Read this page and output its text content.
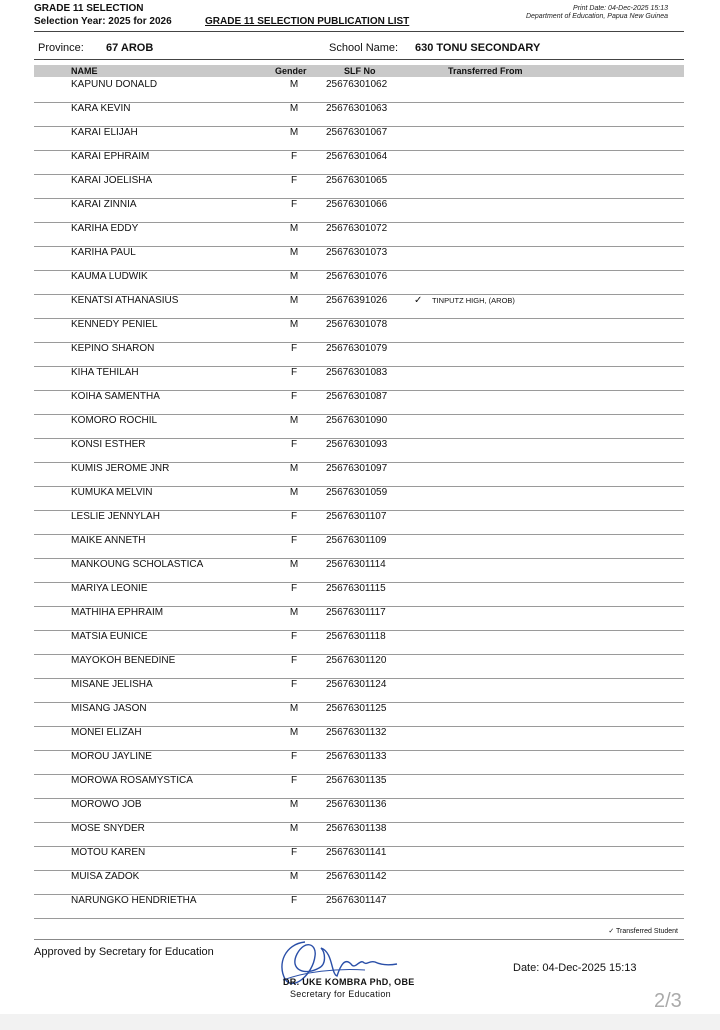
GRADE 11 SELECTION
Selection Year: 2025 for 2026	GRADE 11 SELECTION PUBLICATION LIST
Print Date: 04-Dec-2025 15:13
Department of Education, Papua New Guinea
Province: 67 AROB	School Name: 630 TONU SECONDARY
NAME	Gender	SLF No	Transferred From
KAPUNU DONALD	M	25676301062
KARA KEVIN	M	25676301063
KARAI ELIJAH	M	25676301067
KARAI EPHRAIM	F	25676301064
KARAI JOELISHA	F	25676301065
KARAI ZINNIA	F	25676301066
KARIHA EDDY	M	25676301072
KARIHA PAUL	M	25676301073
KAUMA LUDWIK	M	25676301076
KENATSI ATHANASIUS	M	25676391026	✓ TINPUTZ HIGH, (AROB)
KENNEDY PENIEL	M	25676301078
KEPINO SHARON	F	25676301079
KIHA TEHILAH	F	25676301083
KOIHA SAMENTHA	F	25676301087
KOMORO ROCHIL	M	25676301090
KONSI ESTHER	F	25676301093
KUMIS JEROME JNR	M	25676301097
KUMUKA MELVIN	M	25676301059
LESLIE JENNYLAH	F	25676301107
MAIKE ANNETH	F	25676301109
MANKOUNG SCHOLASTICA	M	25676301114
MARIYA LEONIE	F	25676301115
MATHIHA EPHRAIM	M	25676301117
MATSIA EUNICE	F	25676301118
MAYOKOH BENEDINE	F	25676301120
MISANE JELISHA	F	25676301124
MISANG JASON	M	25676301125
MONEI ELIZAH	M	25676301132
MOROU JAYLINE	F	25676301133
MOROWA ROSAMYSTICA	F	25676301135
MOROWO JOB	M	25676301136
MOSE SNYDER	M	25676301138
MOTOU KAREN	F	25676301141
MUISA ZADOK	M	25676301142
NARUNGKO HENDRIETHA	F	25676301147
✓ Transferred Student
Approved by Secretary for Education
DR. UKE KOMBRA PhD, OBE
Secretary for Education
Date: 04-Dec-2025 15:13
2/3
